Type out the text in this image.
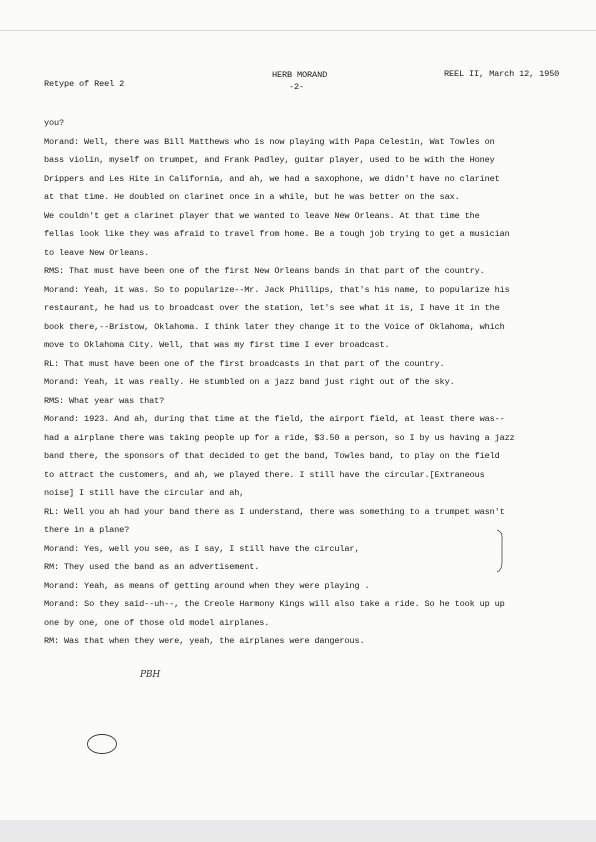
Retype of Reel 2
HERB MORAND
-2-
REEL II, March 12, 1950
you?
Morand: Well, there was Bill Matthews who is now playing with Papa Celestin, Wat Towles on
bass violin, myself on trumpet, and Frank Padley, guitar player, used to be with the Honey
Drippers and Les Hite in California, and ah, we had a saxophone, we didn't have no clarinet
at that time. He doubled on clarinet once in a while, but he was better on the sax.
We couldn't get a clarinet player that we wanted to leave New Orleans. At that time the
fellas look like they was afraid to travel from home. Be a tough job trying to get a musician
to leave New Orleans.
RMS: That must have been one of the first New Orleans bands in that part of the country.
Morand: Yeah, it was. So to popularize--Mr. Jack Phillips, that's his name, to popularize his
restaurant, he had us to broadcast over the station, let's see what it is, I have it in the
book there,--Bristow, Oklahoma. I think later they change it to the Voice of Oklahoma, which
move to Oklahoma City. Well, that was my first time I ever broadcast.
RL: That must have been one of the first broadcasts in that part of the country.
Morand: Yeah, it was really. He stumbled on a jazz band just right out of the sky.
RMS: What year was that?
Morand: 1923. And ah, during that time at the field, the airport field, at least there was--
had a airplane there was taking people up for a ride, $3.50 a person, so I by us having a jazz
band there, the sponsors of that decided to get the band, Towles band, to play on the field
to attract the customers, and ah, we played there. I still have the circular.[Extraneous
noise] I still have the circular and ah,
RL: Well you ah had your band there as I understand, there was something to a trumpet wasn't
there in a plane?
Morand: Yes, well you see, as I say, I still have the circular,
RM: They used the band as an advertisement.
Morand: Yeah, as means of getting around when they were playing .
Morand: So they said--uh--, the Creole Harmony Kings will also take a ride. So he took up up
one by one, one of those old model airplanes.
RM: Was that when they were, yeah, the airplanes were dangerous.
PBH
